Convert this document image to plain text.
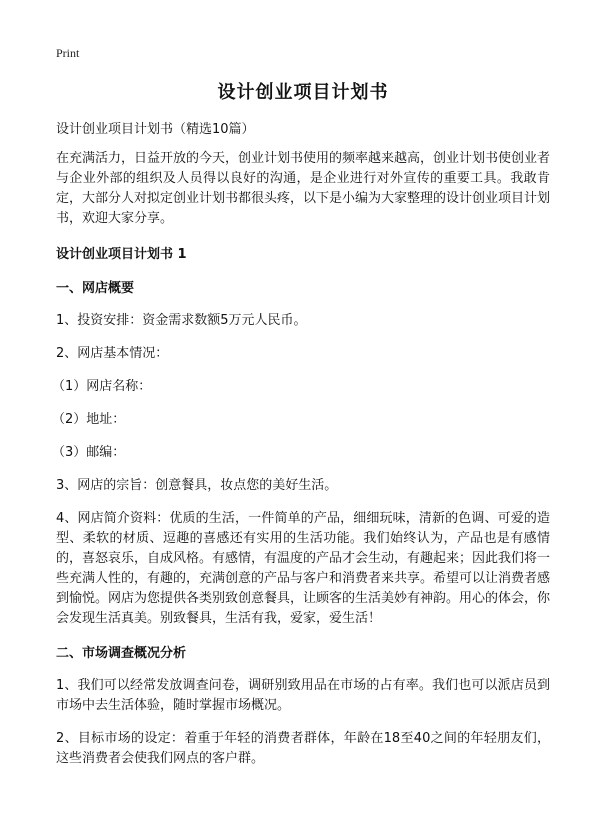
Print
设计创业项目计划书
设计创业项目计划书（精选10篇）

在充满活力，日益开放的今天，创业计划书使用的频率越来越高，创业计划书使创业者与企业外部的组织及人员得以良好的沟通，是企业进行对外宣传的重要工具。我敢肯定，大部分人对拟定创业计划书都很头疼，以下是小编为大家整理的设计创业项目计划书，欢迎大家分享。

设计创业项目计划书 1
一、网店概要

1、投资安排：资金需求数额5万元人民币。

2、网店基本情况：

（1）网店名称：

（2）地址：

（3）邮编：

3、网店的宗旨：创意餐具，妆点您的美好生活。

4、网店简介资料：优质的生活，一件简单的产品，细细玩味，清新的色调、可爱的造型、柔软的材质、逗趣的喜感还有实用的生活功能。我们始终认为，产品也是有感情的，喜怒哀乐，自成风格。有感情，有温度的产品才会生动，有趣起来；因此我们将一些充满人性的，有趣的，充满创意的产品与客户和消费者来共享。希望可以让消费者感到愉悦。网店为您提供各类别致创意餐具，让顾客的生活美妙有神韵。用心的体会，你会发现生活真美。别致餐具，生活有我，爱家，爱生活！

二、市场调查概况分析

1、我们可以经常发放调查问卷，调研别致用品在市场的占有率。我们也可以派店员到市场中去生活体验，随时掌握市场概况。

2、目标市场的设定：着重于年轻的消费者群体，年龄在18至40之间的年轻朋友们，这些消费者会使我们网点的客户群。
